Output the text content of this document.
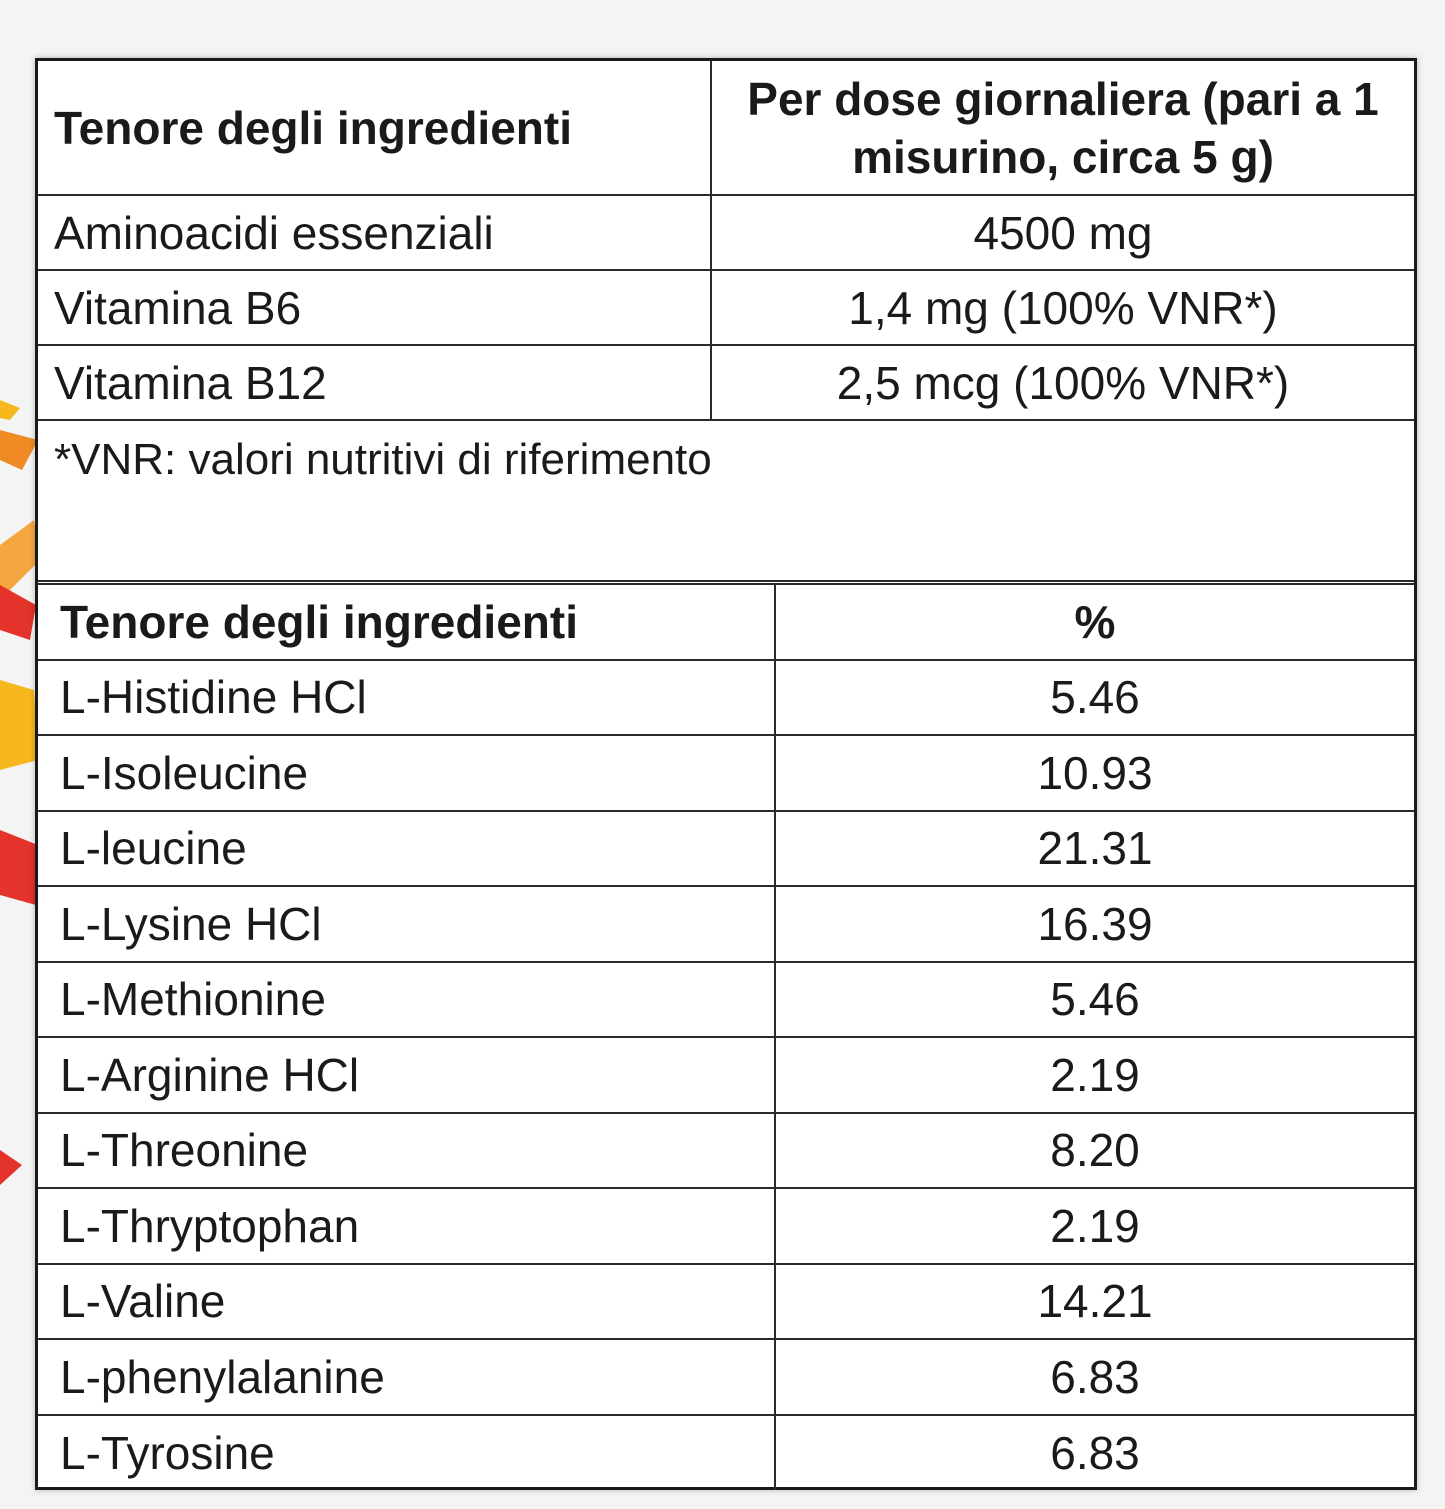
Tenore degli ingredienti	Per dose giornaliera (pari a 1 misurino, circa 5 g)
Aminoacidi essenziali	4500 mg
Vitamina B6	1,4 mg (100% VNR*)
Vitamina B12	2,5 mcg (100% VNR*)
*VNR: valori nutritivi di riferimento	
Tenore degli ingredienti	%
L-Histidine HCl	5.46
L-Isoleucine	10.93
L-leucine	21.31
L-Lysine HCl	16.39
L-Methionine	5.46
L-Arginine HCl	2.19
L-Threonine	8.20
L-Thryptophan	2.19
L-Valine	14.21
L-phenylalanine	6.83
L-Tyrosine	6.83
